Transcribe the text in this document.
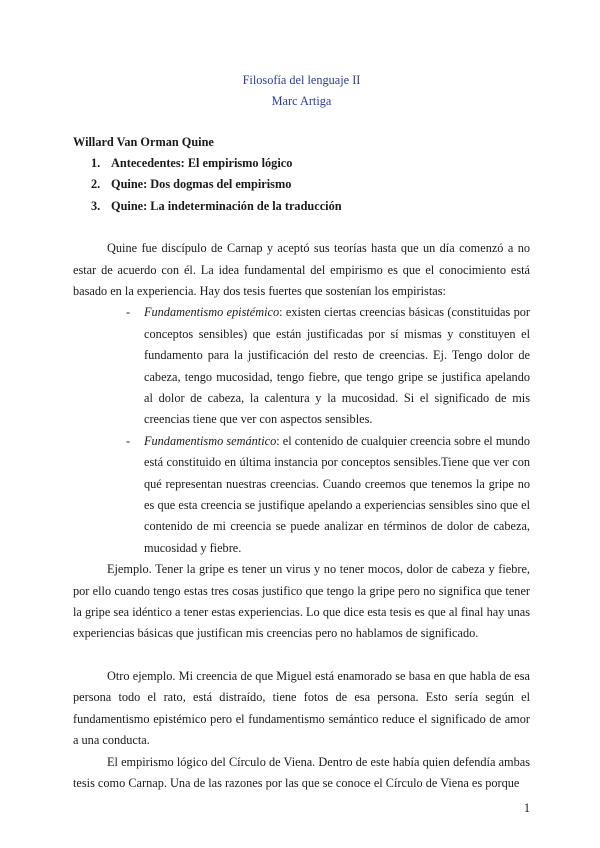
Filosofía del lenguaje II
Marc Artiga
Willard Van Orman Quine
1. Antecedentes: El empirismo lógico
2. Quine: Dos dogmas del empirismo
3. Quine: La indeterminación de la traducción

Quine fue discípulo de Carnap y aceptó sus teorías hasta que un día comenzó a no estar de acuerdo con él. La idea fundamental del empirismo es que el conocimiento está basado en la experiencia. Hay dos tesis fuertes que sostenían los empiristas:

- Fundamentismo epistémico: existen ciertas creencias básicas (constituidas por conceptos sensibles) que están justificadas por sí mismas y constituyen el fundamento para la justificación del resto de creencias. Ej. Tengo dolor de cabeza, tengo mucosidad, tengo fiebre, que tengo gripe se justifica apelando al dolor de cabeza, la calentura y la mucosidad. Si el significado de mis creencias tiene que ver con aspectos sensibles.
- Fundamentismo semántico: el contenido de cualquier creencia sobre el mundo está constituido en última instancia por conceptos sensibles.Tiene que ver con qué representan nuestras creencias. Cuando creemos que tenemos la gripe no es que esta creencia se justifique apelando a experiencias sensibles sino que el contenido de mi creencia se puede analizar en términos de dolor de cabeza, mucosidad y fiebre.

Ejemplo. Tener la gripe es tener un virus y no tener mocos, dolor de cabeza y fiebre, por ello cuando tengo estas tres cosas justifico que tengo la gripe pero no significa que tener la gripe sea idéntico a tener estas experiencias. Lo que dice esta tesis es que al final hay unas experiencias básicas que justifican mis creencias pero no hablamos de significado.

Otro ejemplo. Mi creencia de que Miguel está enamorado se basa en que habla de esa persona todo el rato, está distraído, tiene fotos de esa persona. Esto sería según el fundamentismo epistémico pero el fundamentismo semántico reduce el significado de amor a una conducta.

El empirismo lógico del Círculo de Viena. Dentro de este había quien defendía ambas tesis como Carnap. Una de las razones por las que se conoce el Círculo de Viena es porque

1
